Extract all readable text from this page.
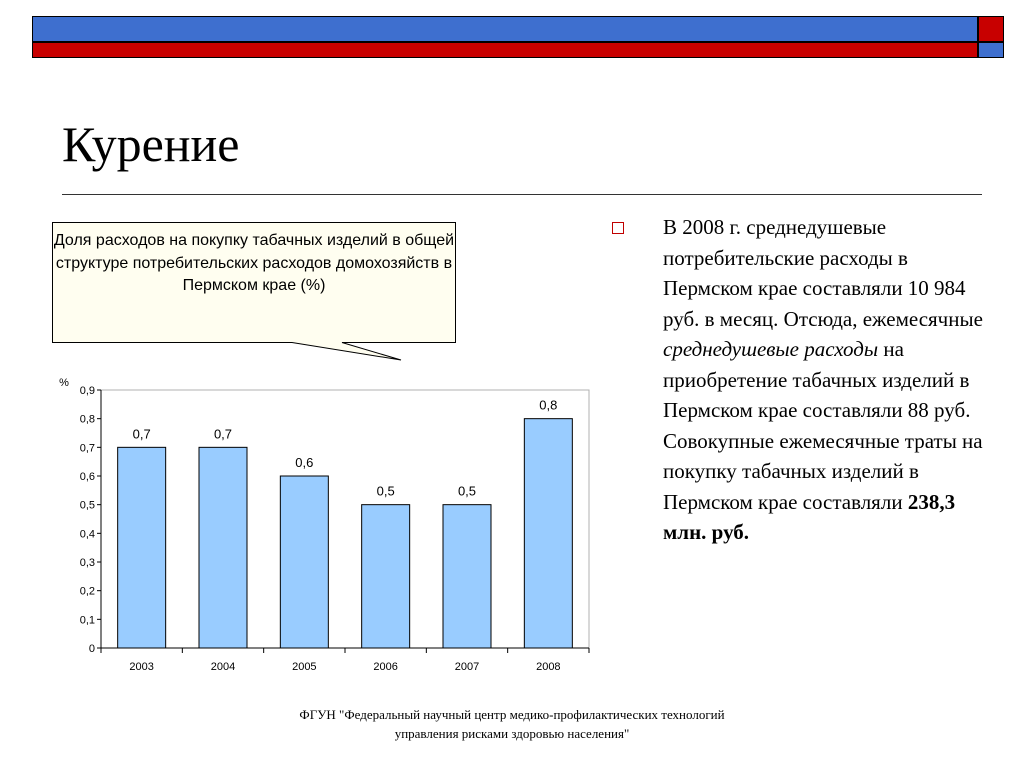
Курение
Доля расходов на покупку табачных изделий в общей структуре потребительских расходов домохозяйств в Пермском крае (%)
0
0,1
0,2
0,3
0,4
0,5
0,6
0,7
0,8
0,9
%
0,7
2003
0,7
2004
0,6
2005
0,5
2006
0,5
2007
0,8
2008
В 2008 г. среднедушевые потребительские расходы в Пермском крае составляли 10 984 руб. в месяц. Отсюда, ежемесячные среднедушевые расходы на приобретение табачных изделий в Пермском крае составляли 88 руб. Совокупные ежемесячные траты на покупку табачных изделий в Пермском крае составляли 238,3 млн. руб.
ФГУН "Федеральный научный центр медико-профилактических технологий
управления рисками здоровью населения"
